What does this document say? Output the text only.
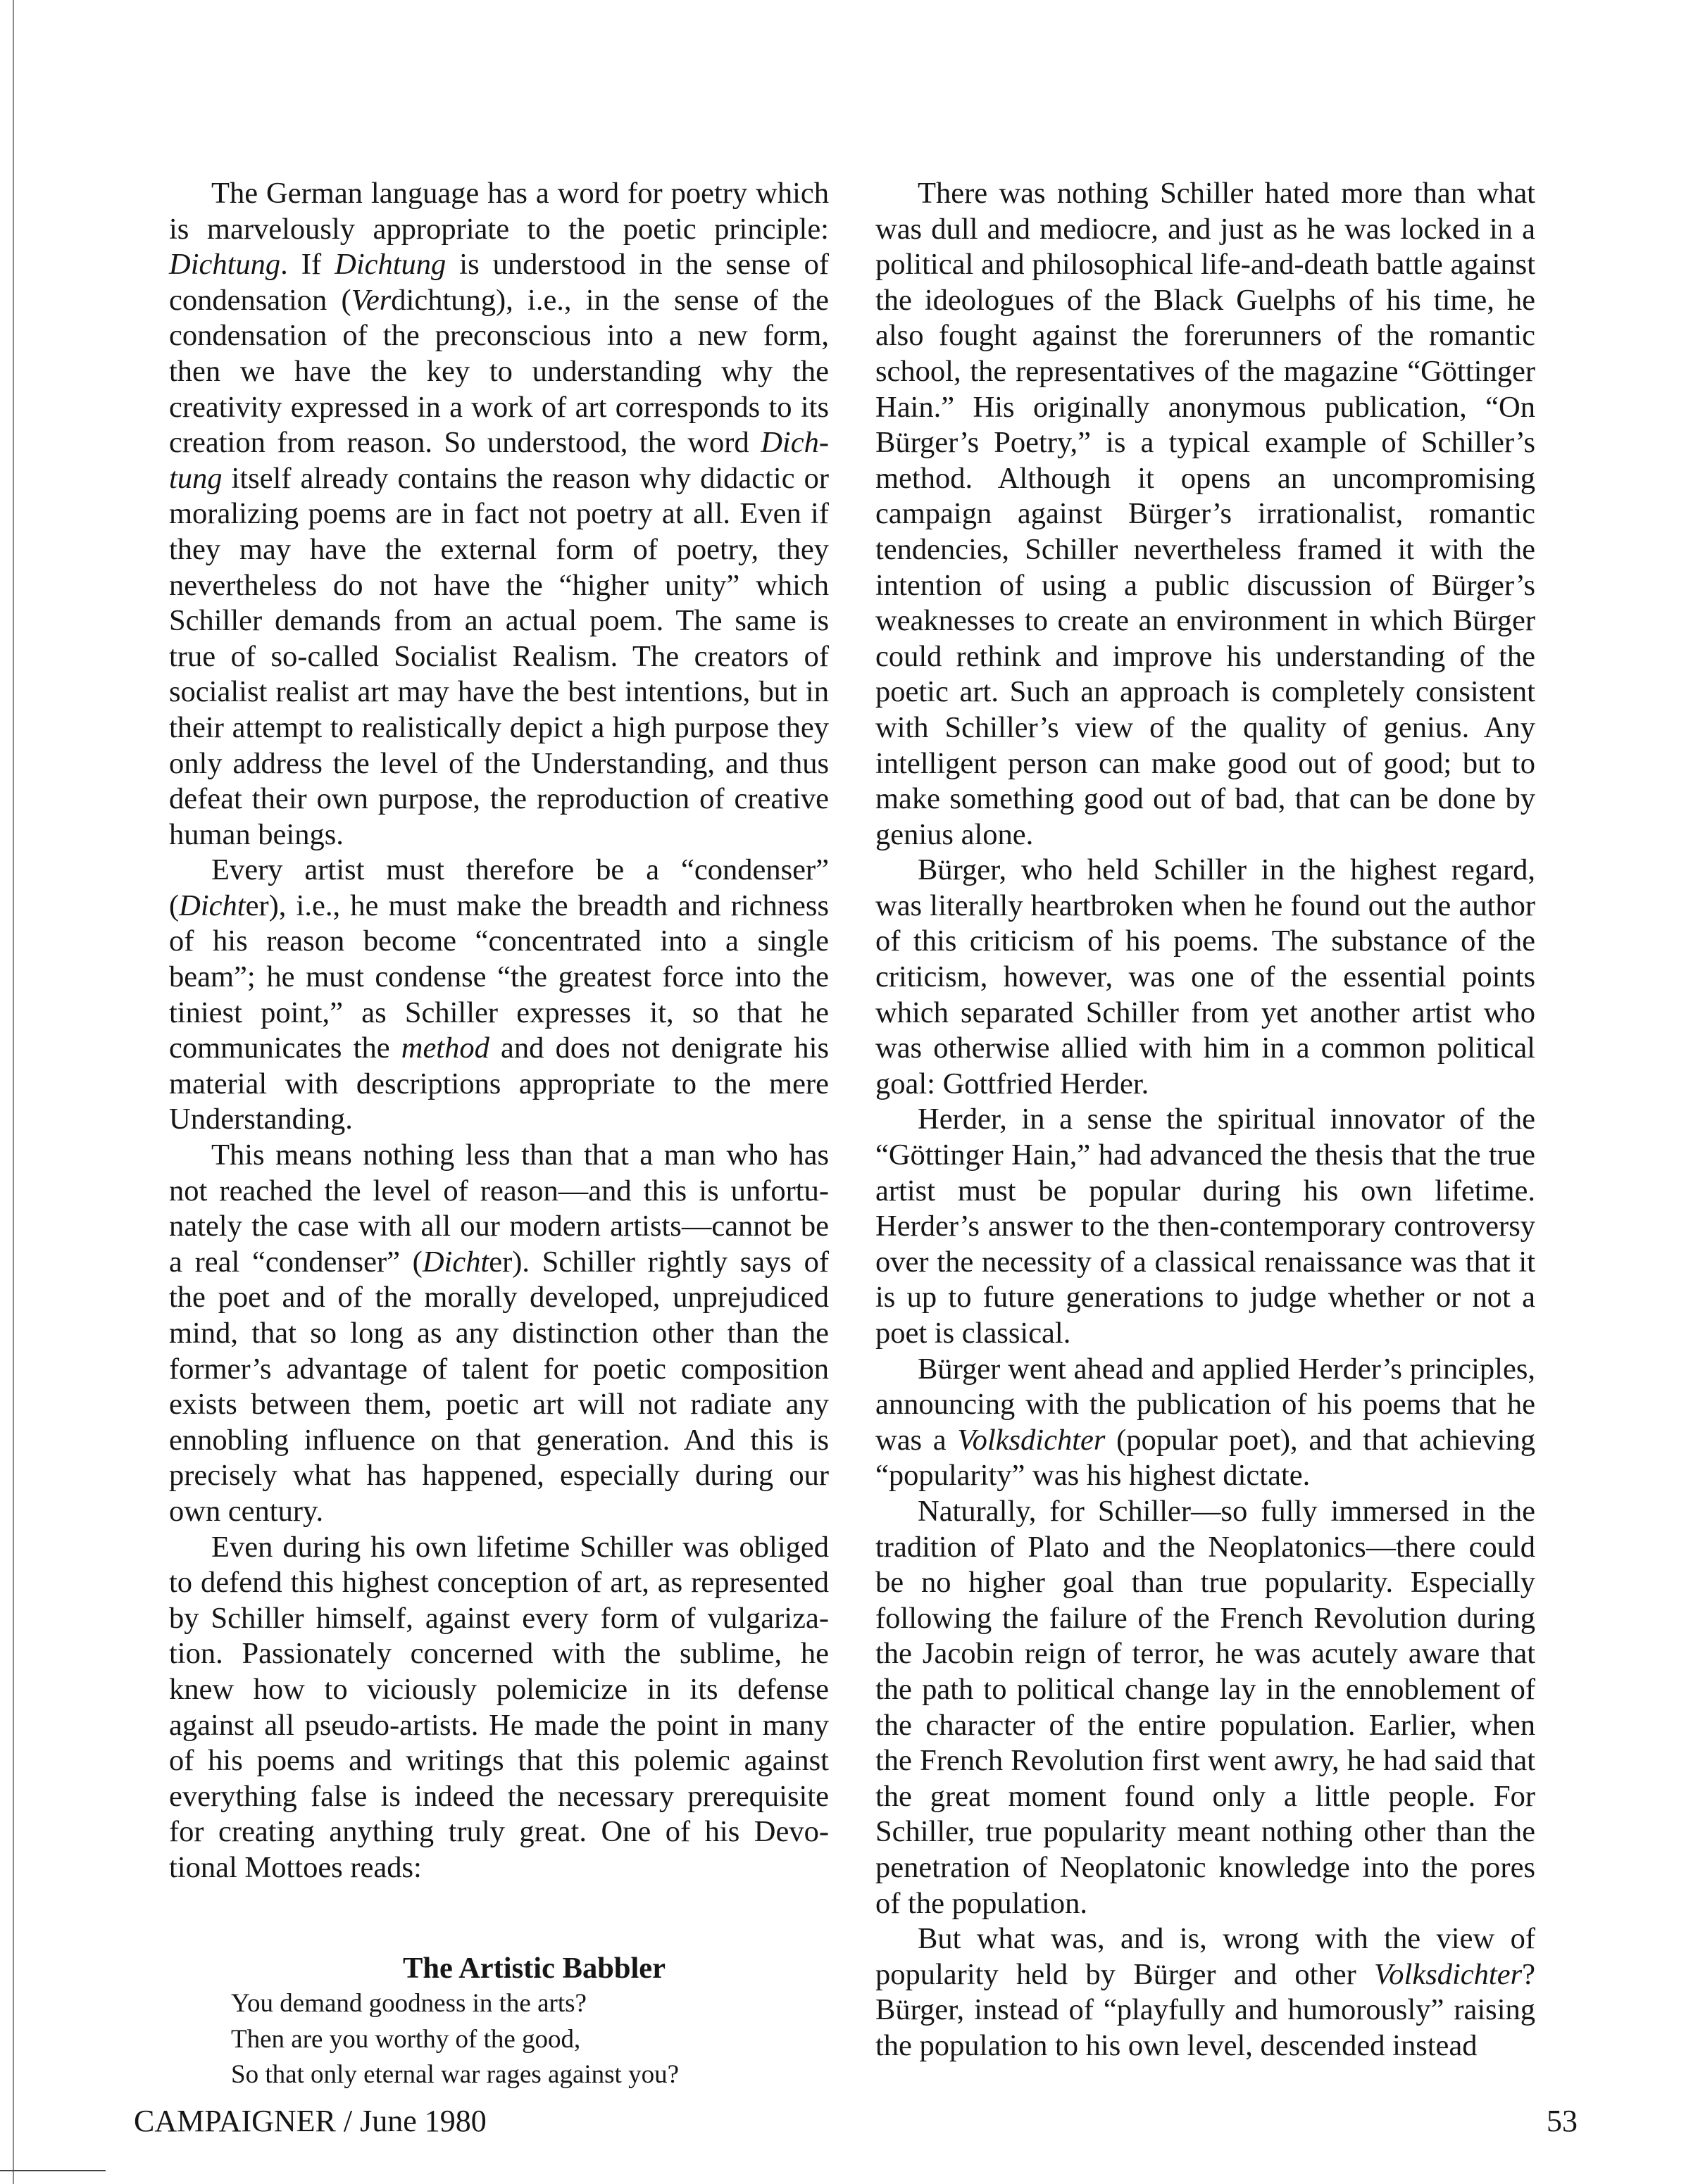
The German language has a word for poetry which is marvelously appropriate to the poetic principle: Dichtung. If Dichtung is understood in the sense of condensation (Verdichtung), i.e., in the sense of the condensation of the preconscious into a new form, then we have the key to understanding why the creativity expressed in a work of art corresponds to its creation from reason. So understood, the word Dichtung itself already contains the reason why didactic or moralizing poems are in fact not poetry at all. Even if they may have the external form of poetry, they nevertheless do not have the “higher unity” which Schiller demands from an actual poem. The same is true of so-called Socialist Realism. The creators of socialist realist art may have the best intentions, but in their attempt to realistically depict a high purpose they only address the level of the Understanding, and thus defeat their own purpose, the reproduction of creative human beings.

Every artist must therefore be a “condenser” (Dichter), i.e., he must make the breadth and richness of his reason become “concentrated into a single beam”; he must condense “the greatest force into the tiniest point,” as Schiller expresses it, so that he communicates the method and does not denigrate his material with descriptions appropriate to the mere Understanding.

This means nothing less than that a man who has not reached the level of reason—and this is unfortunately the case with all our modern artists—cannot be a real “condenser” (Dichter). Schiller rightly says of the poet and of the morally developed, unprejudiced mind, that so long as any distinction other than the former’s advantage of talent for poetic composition exists between them, poetic art will not radiate any ennobling influence on that generation. And this is precisely what has happened, especially during our own century.

Even during his own lifetime Schiller was obliged to defend this highest conception of art, as represented by Schiller himself, against every form of vulgarization. Passionately concerned with the sublime, he knew how to viciously polemicize in its defense against all pseudo-artists. He made the point in many of his poems and writings that this polemic against everything false is indeed the necessary prerequisite for creating anything truly great. One of his Devotional Mottoes reads:

The Artistic Babbler

You demand goodness in the arts?

Then are you worthy of the good,

So that only eternal war rages against you?

There was nothing Schiller hated more than what was dull and mediocre, and just as he was locked in a political and philosophical life-and-death battle against the ideologues of the Black Guelphs of his time, he also fought against the forerunners of the romantic school, the representatives of the magazine “Göttinger Hain.” His originally anonymous publication, “On Bürger’s Poetry,” is a typical example of Schiller’s method. Although it opens an uncompromising campaign against Bürger’s irrationalist, romantic tendencies, Schiller nevertheless framed it with the intention of using a public discussion of Bürger’s weaknesses to create an environment in which Bürger could rethink and improve his understanding of the poetic art. Such an approach is completely consistent with Schiller’s view of the quality of genius. Any intelligent person can make good out of good; but to make something good out of bad, that can be done by genius alone.

Bürger, who held Schiller in the highest regard, was literally heartbroken when he found out the author of this criticism of his poems. The substance of the criticism, however, was one of the essential points which separated Schiller from yet another artist who was otherwise allied with him in a common political goal: Gottfried Herder.

Herder, in a sense the spiritual innovator of the “Göttinger Hain,” had advanced the thesis that the true artist must be popular during his own lifetime. Herder’s answer to the then-contemporary controversy over the necessity of a classical renaissance was that it is up to future generations to judge whether or not a poet is classical.

Bürger went ahead and applied Herder’s principles, announcing with the publication of his poems that he was a Volksdichter (popular poet), and that achieving “popularity” was his highest dictate.

Naturally, for Schiller—so fully immersed in the tradition of Plato and the Neoplatonics—there could be no higher goal than true popularity. Especially following the failure of the French Revolution during the Jacobin reign of terror, he was acutely aware that the path to political change lay in the ennoblement of the character of the entire population. Earlier, when the French Revolution first went awry, he had said that the great moment found only a little people. For Schiller, true popularity meant nothing other than the penetration of Neoplatonic knowledge into the pores of the population.

But what was, and is, wrong with the view of popularity held by Bürger and other Volksdichter? Bürger, instead of “playfully and humorously” raising the population to his own level, descended instead

CAMPAIGNER / June 1980	53
